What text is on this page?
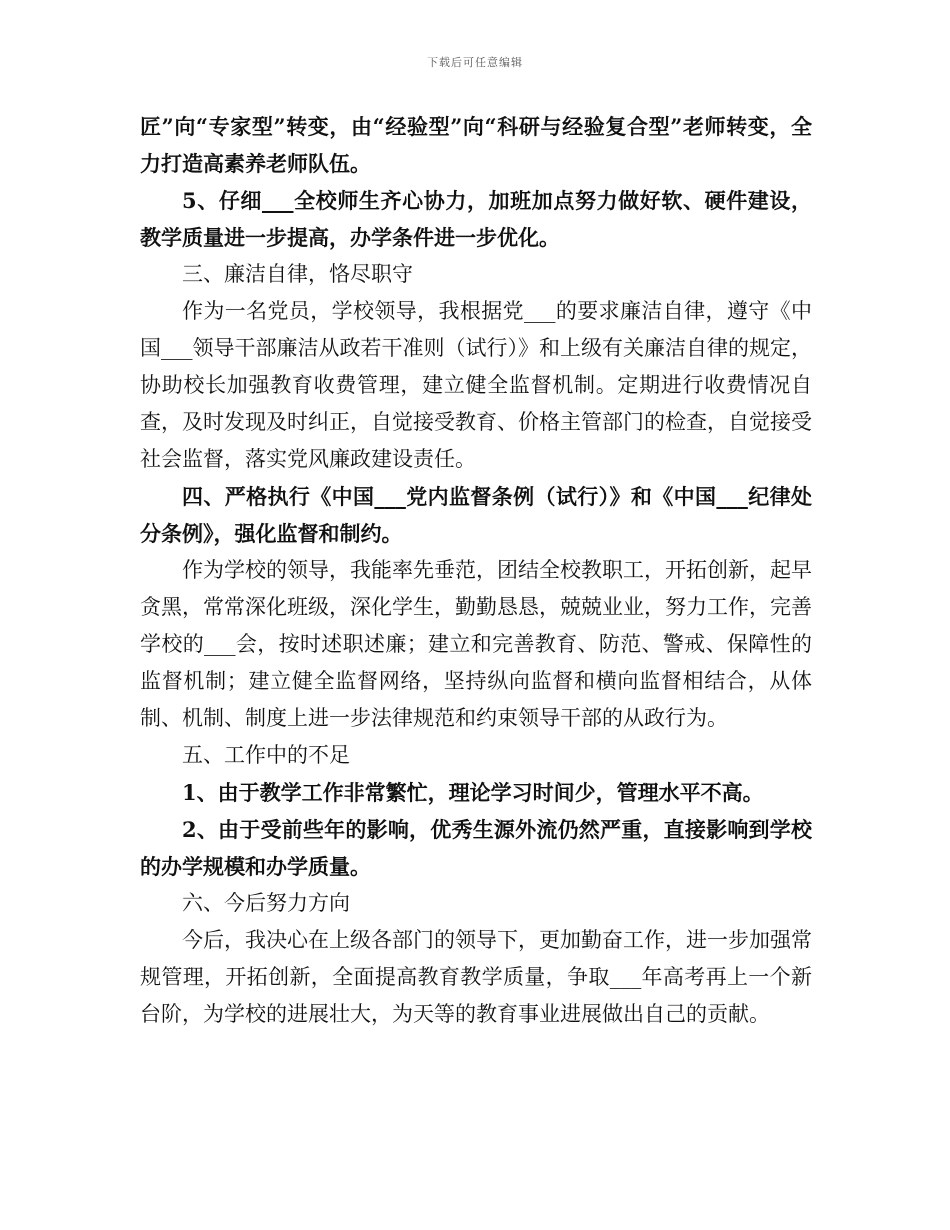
下载后可任意编辑

匠”向“专家型”转变，由“经验型”向“科研与经验复合型”老师转变，全力打造高素养老师队伍。

5、仔细___全校师生齐心协力，加班加点努力做好软、硬件建设，教学质量进一步提高，办学条件进一步优化。

三、廉洁自律，恪尽职守

作为一名党员，学校领导，我根据党___的要求廉洁自律，遵守《中国___领导干部廉洁从政若干准则（试行）》和上级有关廉洁自律的规定，协助校长加强教育收费管理，建立健全监督机制。定期进行收费情况自查，及时发现及时纠正，自觉接受教育、价格主管部门的检查，自觉接受社会监督，落实党风廉政建设责任。

四、严格执行《中国___党内监督条例（试行）》和《中国___纪律处分条例》，强化监督和制约。

作为学校的领导，我能率先垂范，团结全校教职工，开拓创新，起早贪黑，常常深化班级，深化学生，勤勤恳恳，兢兢业业，努力工作，完善学校的___会，按时述职述廉；建立和完善教育、防范、警戒、保障性的监督机制；建立健全监督网络，坚持纵向监督和横向监督相结合，从体制、机制、制度上进一步法律规范和约束领导干部的从政行为。

五、工作中的不足

1、由于教学工作非常繁忙，理论学习时间少，管理水平不高。

2、由于受前些年的影响，优秀生源外流仍然严重，直接影响到学校的办学规模和办学质量。

六、今后努力方向

今后，我决心在上级各部门的领导下，更加勤奋工作，进一步加强常规管理，开拓创新，全面提高教育教学质量，争取___年高考再上一个新台阶，为学校的进展壮大，为天等的教育事业进展做出自己的贡献。
